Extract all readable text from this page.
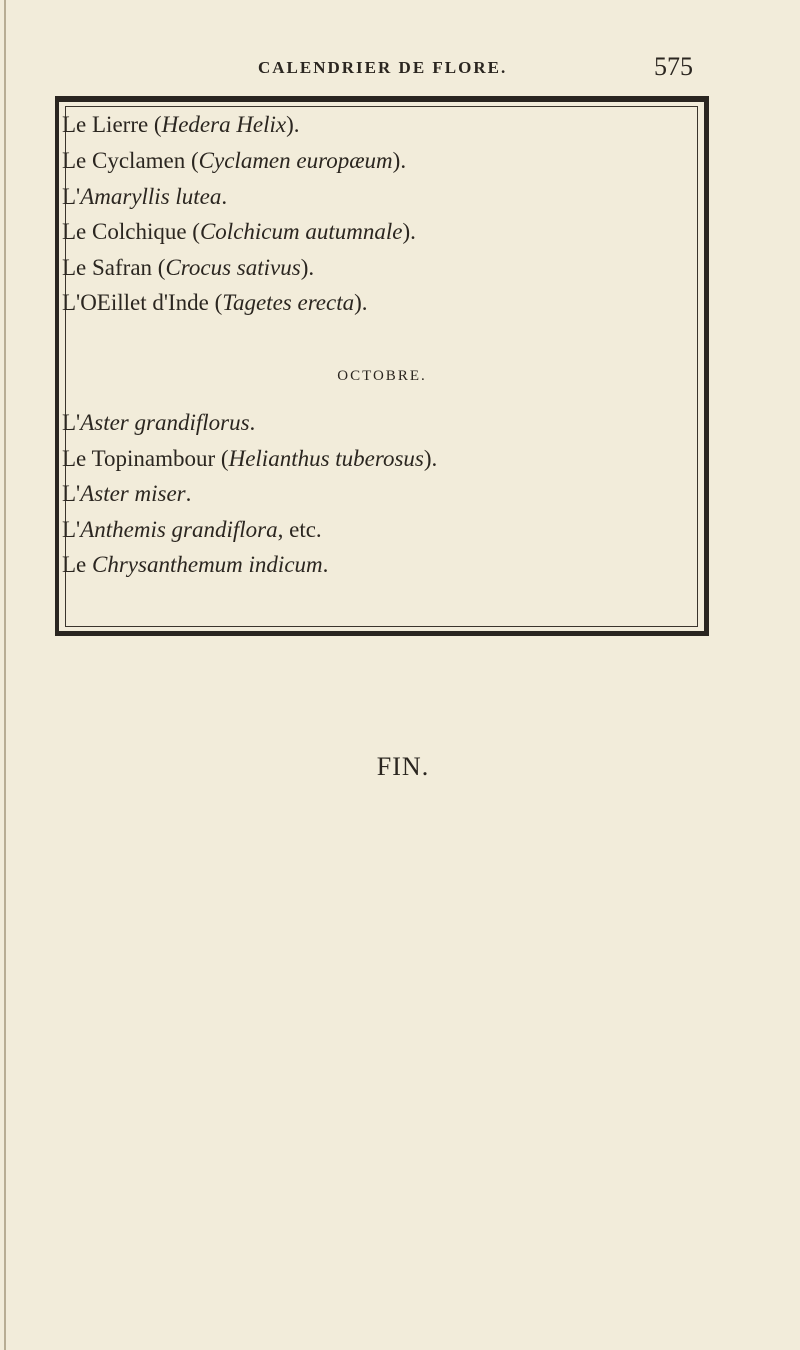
CALENDRIER DE FLORE.	575
Le Lierre (Hedera Helix).
Le Cyclamen (Cyclamen europæum).
L'Amaryllis lutea.
Le Colchique (Colchicum autumnale).
Le Safran (Crocus sativus).
L'OEillet d'Inde (Tagetes erecta).
OCTOBRE.
L'Aster grandiflorus.
Le Topinambour (Helianthus tuberosus).
L'Aster miser.
L'Anthemis grandiflora, etc.
Le Chrysanthemum indicum.
FIN.
